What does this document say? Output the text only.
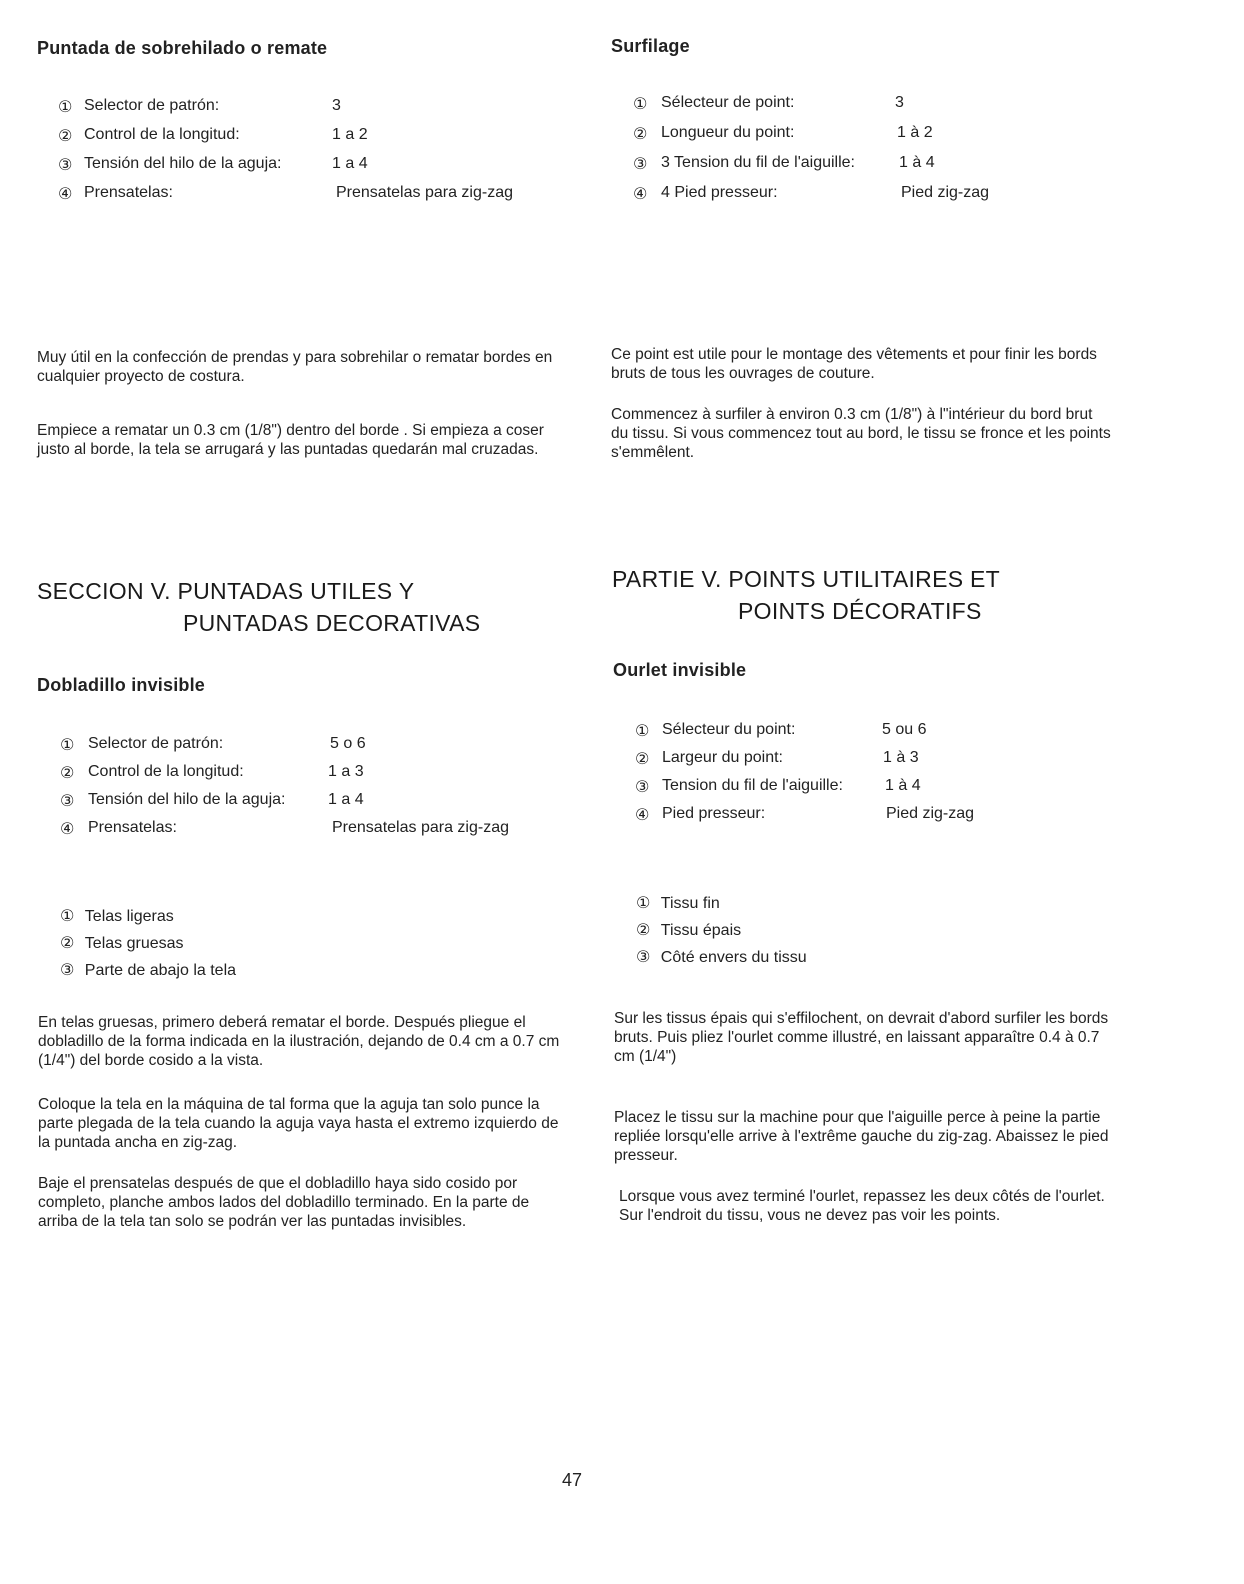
Puntada de sobrehilado o remate
① Selector de patrón:	3
② Control de la longitud:	1 a 2
③ Tensión del hilo de la aguja:	1 a 4
④ Prensatelas:	Prensatelas para zig-zag
Muy útil en la confección de prendas y para sobrehilar o rematar bordes en cualquier proyecto de costura.
Empiece a rematar un 0.3 cm (1/8") dentro del borde . Si empieza a coser justo al borde, la tela se arrugará y las puntadas quedarán mal cruzadas.
SECCION V. PUNTADAS UTILES Y
PUNTADAS DECORATIVAS
Dobladillo invisible
① Selector de patrón:	5 o 6
② Control de la longitud:	1 a 3
③ Tensión del hilo de la aguja:	1 a 4
④ Prensatelas:	Prensatelas para zig-zag
① Telas ligeras
② Telas gruesas
③ Parte de abajo la tela
En telas gruesas, primero deberá rematar el borde. Después pliegue el dobladillo de la forma indicada en la ilustración, dejando de 0.4 cm a 0.7 cm (1/4") del borde cosido a la vista.
Coloque la tela en la máquina de tal forma que la aguja tan solo punce la parte plegada de la tela cuando la aguja vaya hasta el extremo izquierdo de la puntada ancha en zig-zag.
Baje el prensatelas después de que el dobladillo haya sido cosido por completo, planche ambos lados del dobladillo terminado. En la parte de arriba de la tela tan solo se podrán ver las puntadas invisibles.
Surfilage
① Sélecteur de point:	3
② Longueur du point:	1 à 2
③ 3 Tension du fil de l'aiguille:	1 à 4
④ 4 Pied presseur:	Pied zig-zag
Ce point est utile pour le montage des vêtements et pour finir les bords bruts de tous les ouvrages de couture.
Commencez à surfiler à environ 0.3 cm (1/8") à l"intérieur du bord brut du tissu. Si vous commencez tout au bord, le tissu se fronce et les points s'emmêlent.
PARTIE V. POINTS UTILITAIRES ET
POINTS DÉCORATIFS
Ourlet invisible
① Sélecteur du point:	5 ou 6
② Largeur du point:	1 à 3
③ Tension du fil de l'aiguille:	1 à 4
④ Pied presseur:	Pied zig-zag
① Tissu fin
② Tissu épais
③ Côté envers du tissu
Sur les tissus épais qui s'effilochent, on devrait d'abord surfiler les bords bruts. Puis pliez l'ourlet comme illustré, en laissant apparaître 0.4 à 0.7 cm (1/4")
Placez le tissu sur la machine pour que l'aiguille perce à peine la partie repliée lorsqu'elle arrive à l'extrême gauche du zig-zag. Abaissez le pied presseur.
Lorsque vous avez terminé l'ourlet, repassez les deux côtés de l'ourlet. Sur l'endroit du tissu, vous ne devez pas voir les points.
47
